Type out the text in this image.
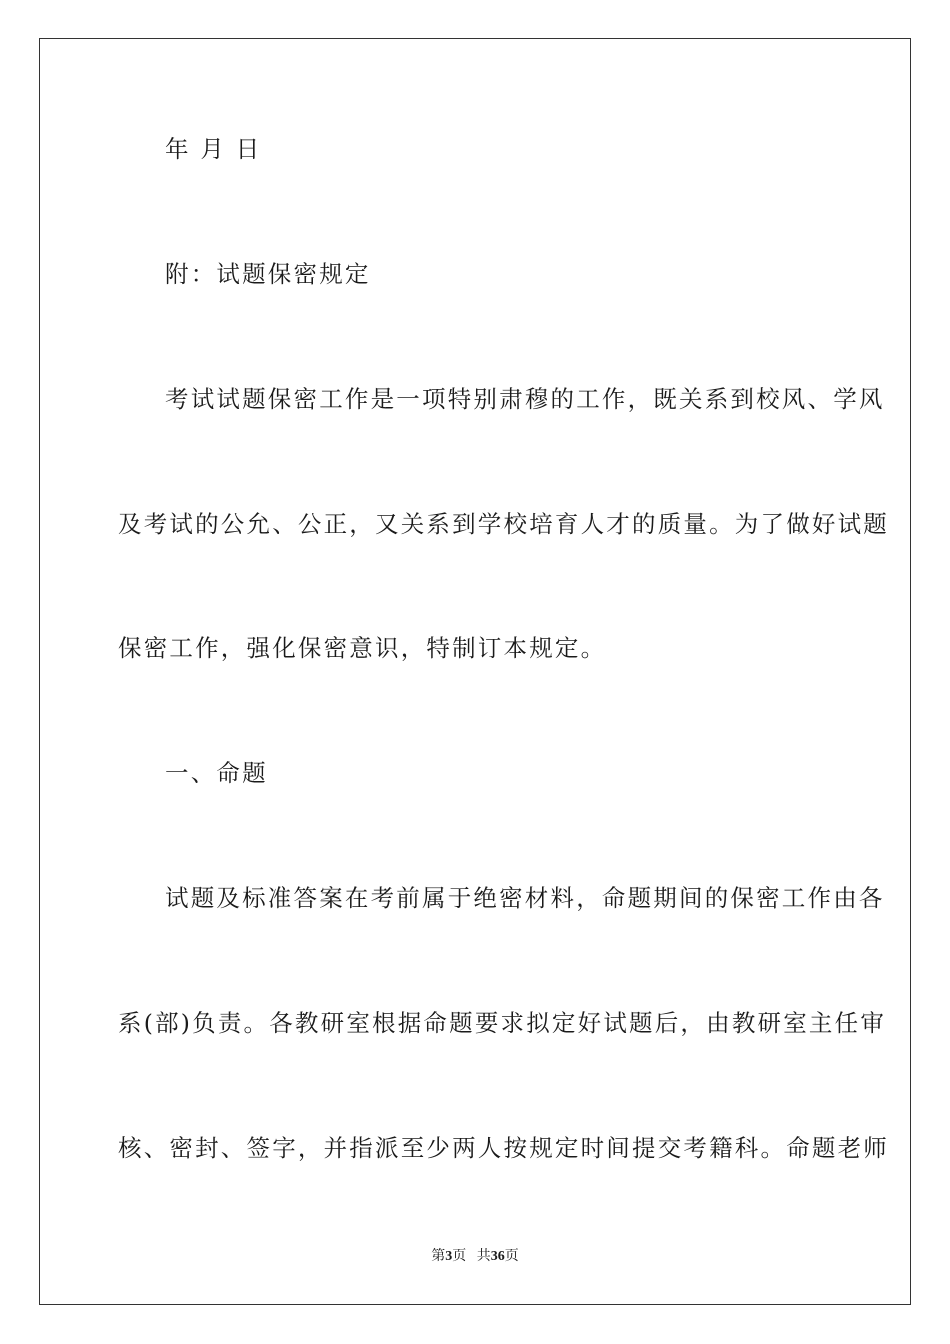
年 月 日
附：试题保密规定
考试试题保密工作是一项特别肃穆的工作，既关系到校风、学风
及考试的公允、公正，又关系到学校培育人才的质量。为了做好试题
保密工作，强化保密意识，特制订本规定。
一、命题
试题及标准答案在考前属于绝密材料，命题期间的保密工作由各
系(部)负责。各教研室根据命题要求拟定好试题后，由教研室主任审
核、密封、签字，并指派至少两人按规定时间提交考籍科。命题老师
第3页 共36页
